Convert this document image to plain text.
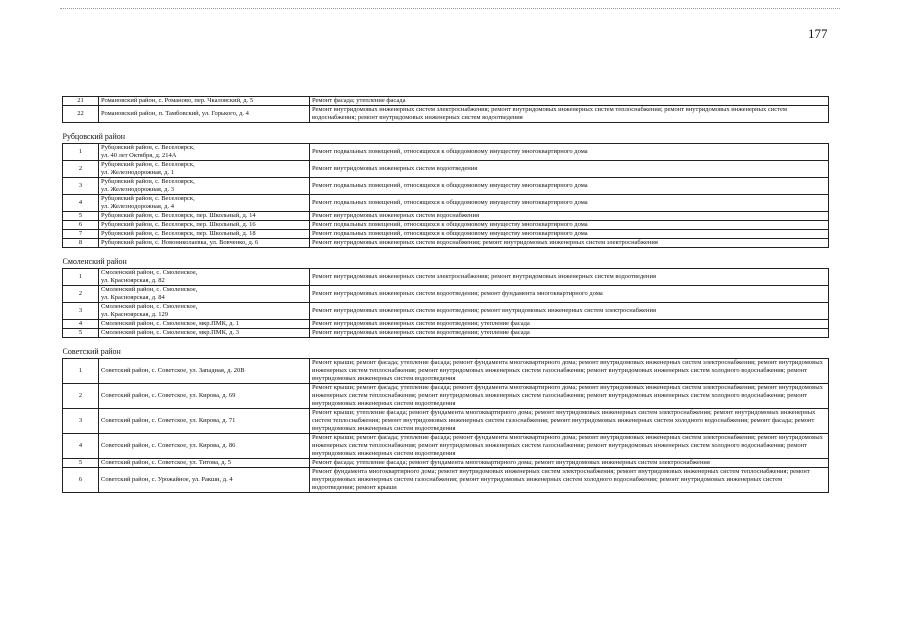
177
21	Романовский район, с. Романово, пер. Чкаловский, д. 5	Ремонт фасада; утепление фасада
22	Романовский район, п. Тамбовский, ул. Горького, д. 4	Ремонт внутридомовых инженерных систем электроснабжения; ремонт внутридомовых инженерных систем теплоснабжения; ремонт внутридомовых инженерных систем водоснабжения; ремонт внутридомовых инженерных систем водоотведения

Рубцовский район		
1	Рубцовский район, с. Веселоярск,
ул. 40 лет Октября, д. 214А	Ремонт подвальных помещений, относящихся к общедомовому имуществу многоквартирного дома
2	Рубцовский район, с. Веселоярск,
ул. Железнодорожная, д. 1	Ремонт внутридомовых инженерных систем водоотведения
3	Рубцовский район, с. Веселоярск,
ул. Железнодорожная, д. 3	Ремонт подвальных помещений, относящихся к общедомовому имуществу многоквартирного дома
4	Рубцовский район, с. Веселоярск,
ул. Железнодорожная, д. 4	Ремонт подвальных помещений, относящихся к общедомовому имуществу многоквартирного дома
5	Рубцовский район, с. Веселоярск, пер. Школьный, д. 14	Ремонт внутридомовых инженерных систем водоснабжения
6	Рубцовский район, с. Веселоярск, пер. Школьный, д. 16	Ремонт подвальных помещений, относящихся к общедомовому имуществу многоквартирного дома
7	Рубцовский район, с. Веселоярск, пер. Школьный, д. 18	Ремонт подвальных помещений, относящихся к общедомовому имуществу многоквартирного дома
8	Рубцовский район, с. Новониколаевка, ул. Вовченко, д. 6	Ремонт внутридомовых инженерных систем водоснабжения; ремонт внутридомовых инженерных систем электроснабжения

Смоленский район		
1	Смоленский район, с. Смоленское,
ул. Красноярская, д. 82	Ремонт внутридомовых инженерных систем электроснабжения; ремонт внутридомовых инженерных систем водоотведения
2	Смоленский район, с. Смоленское,
ул. Красноярская, д. 84	Ремонт внутридомовых инженерных систем водоотведения; ремонт фундамента многоквартирного дома
3	Смоленский район, с. Смоленское,
ул. Красноярская, д. 129	Ремонт внутридомовых инженерных систем водоотведения; ремонт внутридомовых инженерных систем электроснабжения
4	Смоленский район, с. Смоленское, мкр.ПМК, д. 1	Ремонт внутридомовых инженерных систем водоотведения; утепление фасада
5	Смоленский район, с. Смоленское, мкр.ПМК, д. 3	Ремонт внутридомовых инженерных систем водоотведения; утепление фасада

Советский район		
1	Советский район, с. Советское, ул. Западная, д. 20В	Ремонт крыши; ремонт фасада; утепление фасада; ремонт фундамента многоквартирного дома; ремонт внутридомовых инженерных систем электроснабжения; ремонт внутридомовых инженерных систем теплоснабжения; ремонт внутридомовых инженерных систем газоснабжения; ремонт внутридомовых инженерных систем холодного водоснабжения; ремонт внутридомовых инженерных систем водоотведения
2	Советский район, с. Советское, ул. Кирова, д. 69	Ремонт крыши; ремонт фасада; утепление фасада; ремонт фундамента многоквартирного дома; ремонт внутридомовых инженерных систем электроснабжения; ремонт внутридомовых инженерных систем теплоснабжения; ремонт внутридомовых инженерных систем газоснабжения; ремонт внутридомовых инженерных систем холодного водоснабжения; ремонт внутридомовых инженерных систем водоотведения
3	Советский район, с. Советское, ул. Кирова, д. 71	Ремонт крыши; утепление фасада; ремонт фундамента многоквартирного дома; ремонт внутридомовых инженерных систем электроснабжения; ремонт внутридомовых инженерных систем теплоснабжения; ремонт внутридомовых инженерных систем газоснабжения; ремонт внутридомовых инженерных систем холодного водоснабжения; ремонт фасада; ремонт внутридомовых инженерных систем водоотведения
4	Советский район, с. Советское, ул. Кирова, д. 86	Ремонт крыши; ремонт фасада; утепление фасада; ремонт фундамента многоквартирного дома; ремонт внутридомовых инженерных систем электроснабжения; ремонт внутридомовых инженерных систем теплоснабжения; ремонт внутридомовых инженерных систем газоснабжения; ремонт внутридомовых инженерных систем холодного водоснабжения; ремонт внутридомовых инженерных систем водоотведения
5	Советский район, с. Советское, ул. Титова, д. 5	Ремонт фасада; утепление фасада; ремонт фундамента многоквартирного дома; ремонт внутридомовых инженерных систем электроснабжения
6	Советский район, с. Урожайное, ул. Ракши, д. 4	Ремонт фундамента многоквартирного дома; ремонт внутридомовых инженерных систем электроснабжения; ремонт внутридомовых инженерных систем теплоснабжения; ремонт внутридомовых инженерных систем газоснабжения; ремонт внутридомовых инженерных систем холодного водоснабжения; ремонт внутридомовых инженерных систем водоотведения; ремонт крыши
